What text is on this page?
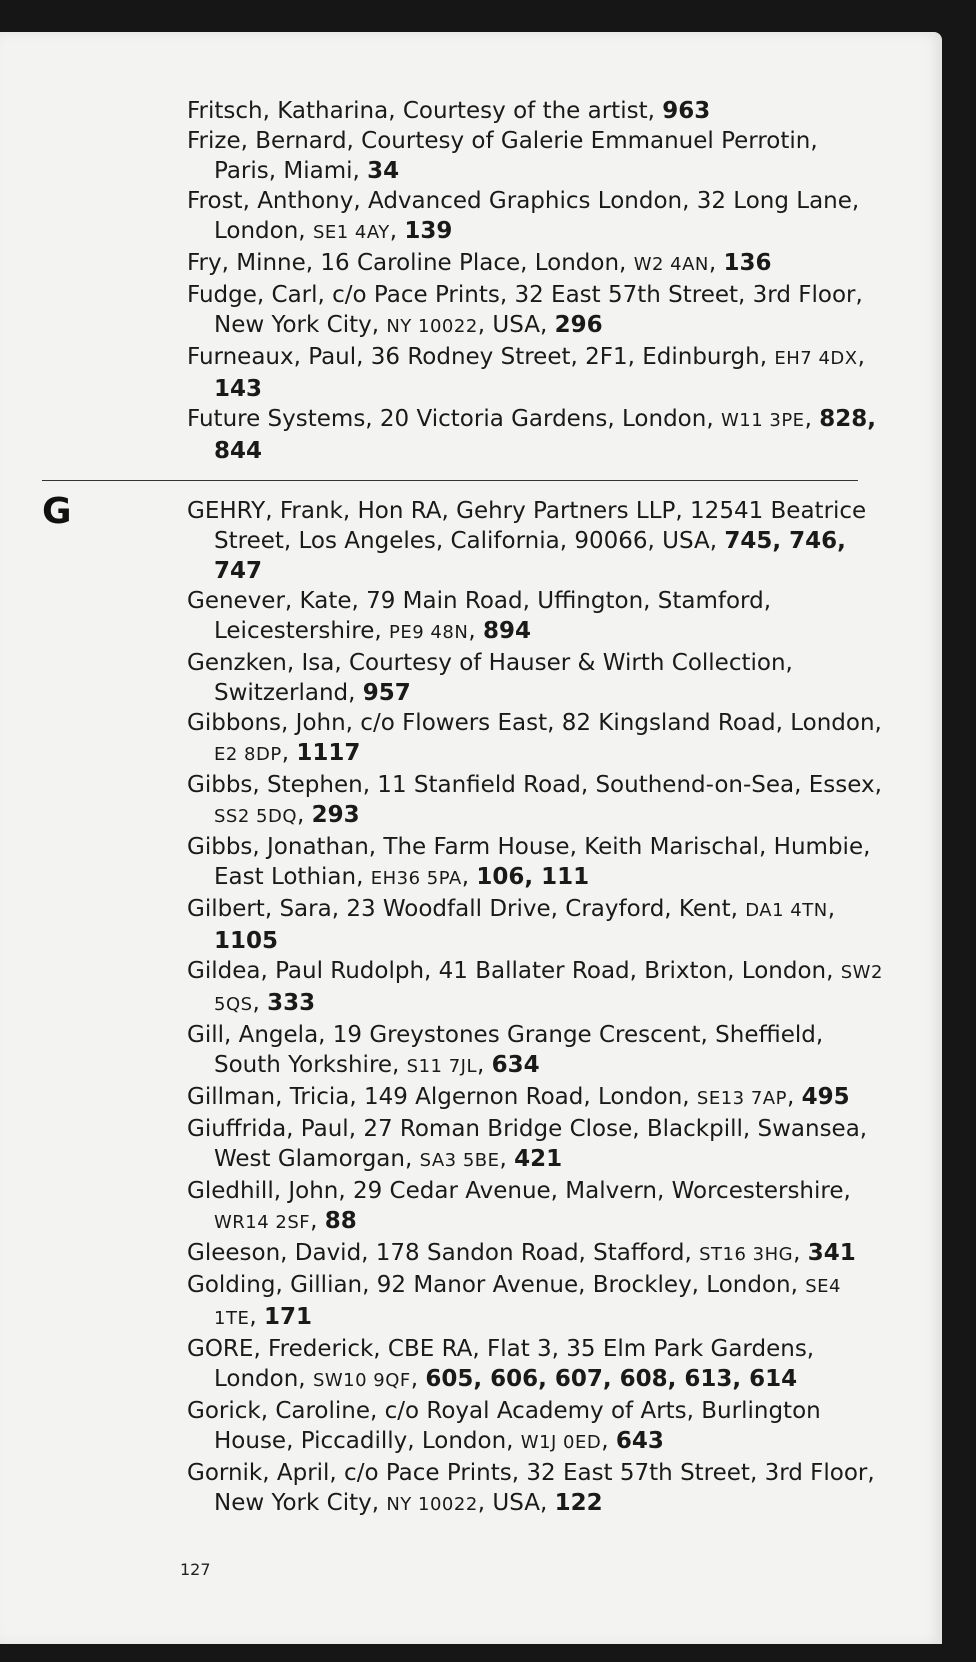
G

Fritsch, Katharina, Courtesy of the artist, 963

Frize, Bernard, Courtesy of Galerie Emmanuel Perrotin, Paris, Miami, 34

Frost, Anthony, Advanced Graphics London, 32 Long Lane, London, SE1 4AY, 139

Fry, Minne, 16 Caroline Place, London, W2 4AN, 136

Fudge, Carl, c/o Pace Prints, 32 East 57th Street, 3rd Floor, New York City, NY 10022, USA, 296

Furneaux, Paul, 36 Rodney Street, 2F1, Edinburgh, EH7 4DX, 143

Future Systems, 20 Victoria Gardens, London, W11 3PE, 828, 844

GEHRY, Frank, Hon RA, Gehry Partners LLP, 12541 Beatrice Street, Los Angeles, California, 90066, USA, 745, 746, 747

Genever, Kate, 79 Main Road, Uffington, Stamford, Leicestershire, PE9 48N, 894

Genzken, Isa, Courtesy of Hauser & Wirth Collection, Switzerland, 957

Gibbons, John, c/o Flowers East, 82 Kingsland Road, London, E2 8DP, 1117

Gibbs, Stephen, 11 Stanfield Road, Southend-on-Sea, Essex, SS2 5DQ, 293

Gibbs, Jonathan, The Farm House, Keith Marischal, Humbie, East Lothian, EH36 5PA, 106, 111

Gilbert, Sara, 23 Woodfall Drive, Crayford, Kent, DA1 4TN, 1105

Gildea, Paul Rudolph, 41 Ballater Road, Brixton, London, SW2 5QS, 333

Gill, Angela, 19 Greystones Grange Crescent, Sheffield, South Yorkshire, S11 7JL, 634

Gillman, Tricia, 149 Algernon Road, London, SE13 7AP, 495

Giuffrida, Paul, 27 Roman Bridge Close, Blackpill, Swansea, West Glamorgan, SA3 5BE, 421

Gledhill, John, 29 Cedar Avenue, Malvern, Worcestershire, WR14 2SF, 88

Gleeson, David, 178 Sandon Road, Stafford, ST16 3HG, 341

Golding, Gillian, 92 Manor Avenue, Brockley, London, SE4 1TE, 171

GORE, Frederick, CBE RA, Flat 3, 35 Elm Park Gardens, London, SW10 9QF, 605, 606, 607, 608, 613, 614

Gorick, Caroline, c/o Royal Academy of Arts, Burlington House, Piccadilly, London, W1J 0ED, 643

Gornik, April, c/o Pace Prints, 32 East 57th Street, 3rd Floor, New York City, NY 10022, USA, 122

127
